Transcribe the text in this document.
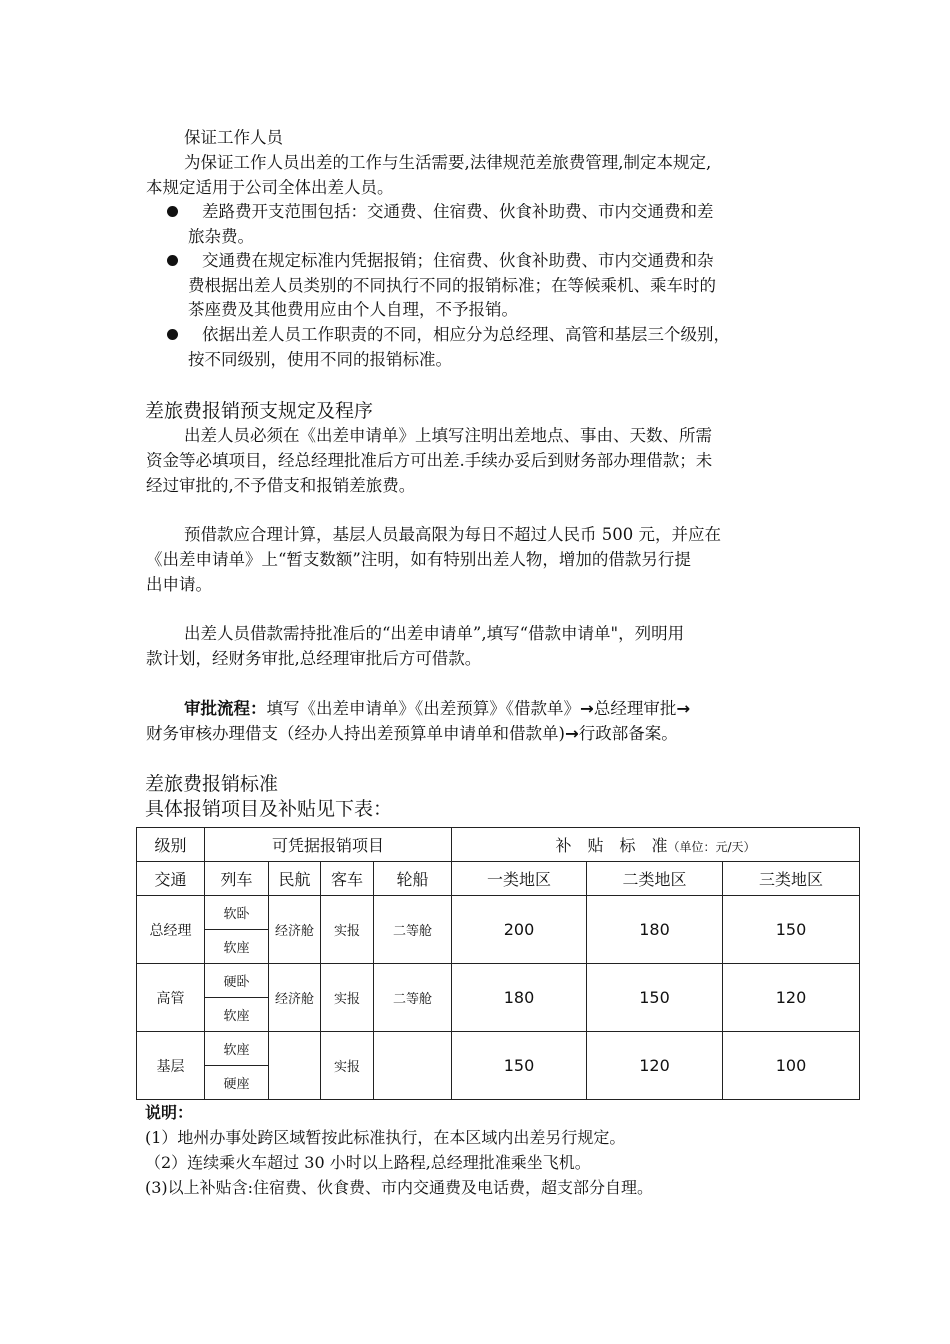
保证工作人员
为保证工作人员出差的工作与生活需要,法律规范差旅费管理,制定本规定,
本规定适用于公司全体出差人员。
差路费开支范围包括：交通费、住宿费、伙食补助费、市内交通费和差
旅杂费。
交通费在规定标准内凭据报销；住宿费、伙食补助费、市内交通费和杂
费根据出差人员类别的不同执行不同的报销标准；在等候乘机、乘车时的
茶座费及其他费用应由个人自理，不予报销。
依据出差人员工作职责的不同，相应分为总经理、高管和基层三个级别，
按不同级别，使用不同的报销标准。
差旅费报销预支规定及程序
出差人员必须在《出差申请单》上填写注明出差地点、事由、天数、所需
资金等必填项目，经总经理批准后方可出差.手续办妥后到财务部办理借款；未
经过审批的,不予借支和报销差旅费。
预借款应合理计算，基层人员最高限为每日不超过人民币 500 元，并应在
《出差申请单》上“暂支数额”注明，如有特别出差人物，增加的借款另行提
出申请。
出差人员借款需持批准后的“出差申请单”,填写“借款申请单"，列明用
款计划，经财务审批,总经理审批后方可借款。
审批流程：填写《出差申请单》《出差预算》《借款单》→总经理审批→
财务审核办理借支（经办人持出差预算单申请单和借款单)→行政部备案。
差旅费报销标准
具体报销项目及补贴见下表：
级别	可凭据报销项目				补　贴　标　准（单位：元/天）		
交通	列车	民航	客车	轮船	一类地区	二类地区	三类地区
总经理	软卧	经济舱	实报	二等舱	200	180	150
	软座						
高管	硬卧	经济舱	实报	二等舱	180	150	120
	软座						
基层	软座		实报		150	120	100
	硬座						
说明：
(1）地州办事处跨区域暂按此标准执行，在本区域内出差另行规定。
（2）连续乘火车超过 30 小时以上路程,总经理批准乘坐飞机。
(3)以上补贴含:住宿费、伙食费、市内交通费及电话费，超支部分自理。
